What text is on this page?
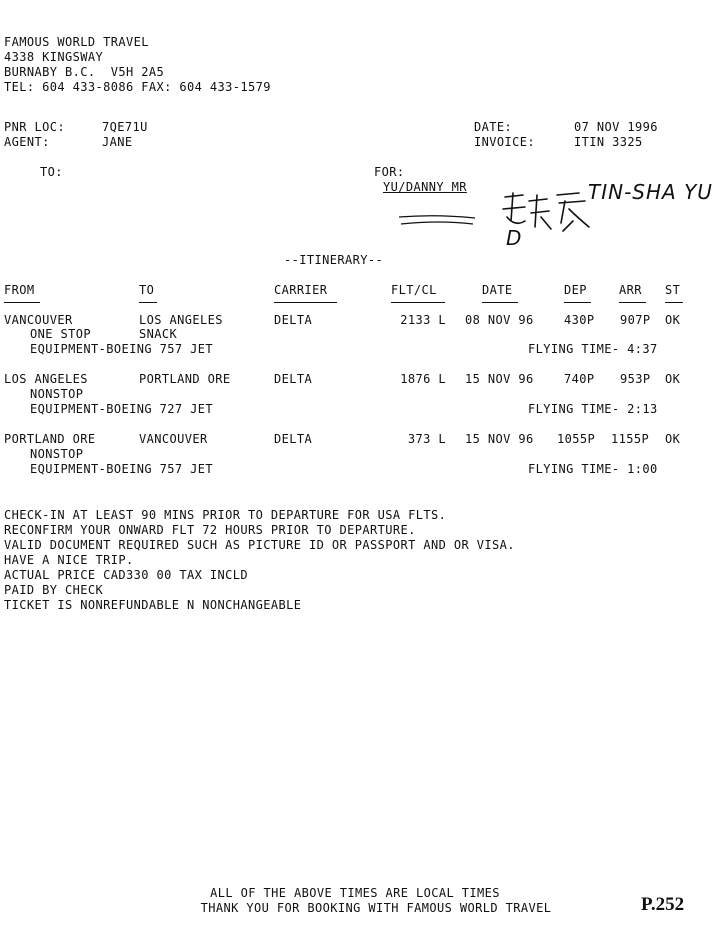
FAMOUS WORLD TRAVEL
4338 KINGSWAY
BURNABY B.C.  V5H 2A5
TEL: 604 433-8086 FAX: 604 433-1579
PNR LOC:	7QE71U
AGENT:	JANE
DATE:	07 NOV 1996
INVOICE:	ITIN 3325
TO:	FOR:
YU/DANNY MR

	TIN-SHA YU
D
--ITINERARY--
FROM	TO	CARRIER	FLT/CL	DATE	DEP	ARR ST
VANCOUVER	LOS ANGELES	DELTA	2133 L 08 NOV 96	430P 907P OK
ONE STOP	SNACK
EQUIPMENT-BOEING 757 JET	FLYING TIME- 4:37
LOS ANGELES	PORTLAND ORE	DELTA	1876 L 15 NOV 96	740P 953P OK
NONSTOP
EQUIPMENT-BOEING 727 JET	FLYING TIME- 2:13
PORTLAND ORE	VANCOUVER	DELTA	373 L 15 NOV 96 1055P 1155P OK
NONSTOP
EQUIPMENT-BOEING 757 JET	FLYING TIME- 1:00
CHECK-IN AT LEAST 90 MINS PRIOR TO DEPARTURE FOR USA FLTS.
RECONFIRM YOUR ONWARD FLT 72 HOURS PRIOR TO DEPARTURE.
VALID DOCUMENT REQUIRED SUCH AS PICTURE ID OR PASSPORT AND OR VISA.
HAVE A NICE TRIP.
ACTUAL PRICE CAD330 00 TAX INCLD
PAID BY CHECK
TICKET IS NONREFUNDABLE N NONCHANGEABLE
ALL OF THE ABOVE TIMES ARE LOCAL TIMES
THANK YOU FOR BOOKING WITH FAMOUS WORLD TRAVEL	P.252
